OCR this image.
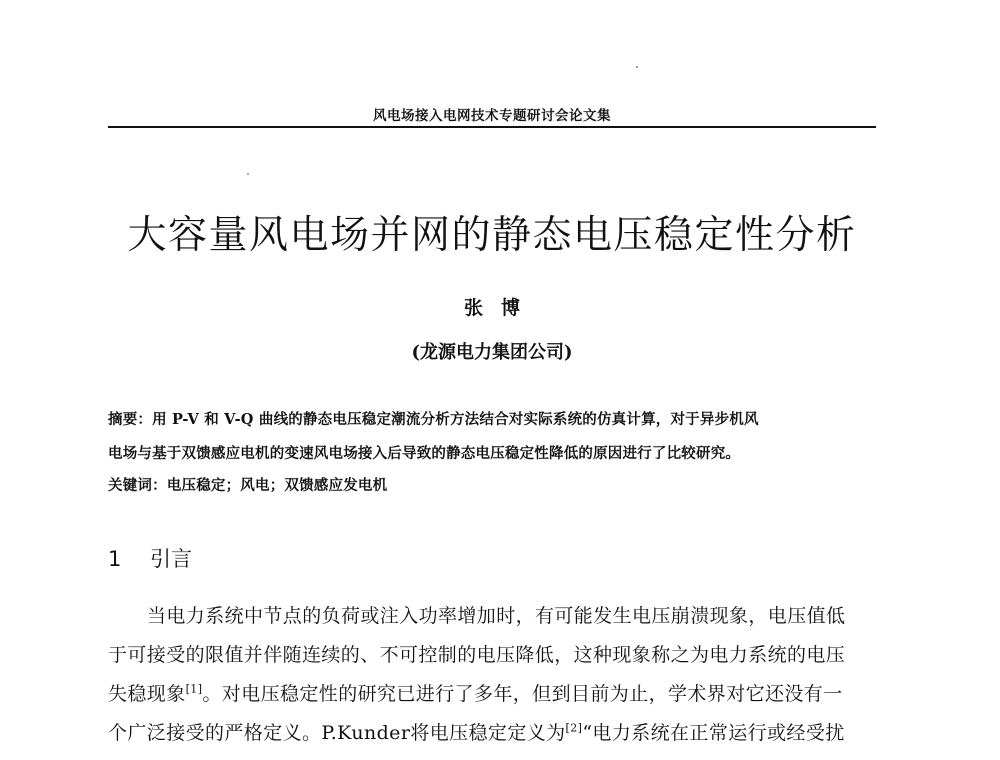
风电场接入电网技术专题研讨会论文集
大容量风电场并网的静态电压稳定性分析
张博
(龙源电力集团公司)
摘要：用 P-V 和 V-Q 曲线的静态电压稳定潮流分析方法结合对实际系统的仿真计算，对于异步机风
电场与基于双馈感应电机的变速风电场接入后导致的静态电压稳定性降低的原因进行了比较研究。
关键词：电压稳定；风电；双馈感应发电机
1 引言
当电力系统中节点的负荷或注入功率增加时，有可能发生电压崩溃现象，电压值低
于可接受的限值并伴随连续的、不可控制的电压降低，这种现象称之为电力系统的电压
失稳现象[1]。对电压稳定性的研究已进行了多年，但到目前为止，学术界对它还没有一
个广泛接受的严格定义。P.Kunder将电压稳定定义为[2]“电力系统在正常运行或经受扰
